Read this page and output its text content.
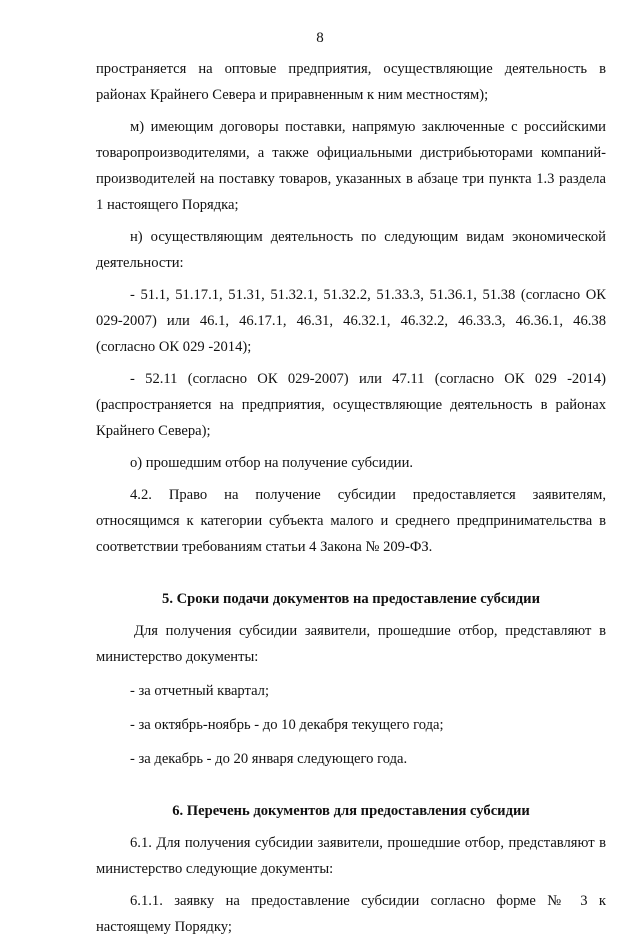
8

пространяется на оптовые предприятия, осуществляющие деятельность в районах Крайнего Севера и приравненным к ним местностям);

м) имеющим договоры поставки, напрямую заключенные с российскими товаропроизводителями, а также официальными дистрибьюторами компаний-производителей на поставку товаров, указанных в абзаце три пункта 1.3 раздела 1 настоящего Порядка;

н) осуществляющим деятельность по следующим видам экономической деятельности:

- 51.1, 51.17.1, 51.31, 51.32.1, 51.32.2, 51.33.3, 51.36.1, 51.38 (согласно ОК 029-2007) или 46.1, 46.17.1, 46.31, 46.32.1, 46.32.2, 46.33.3, 46.36.1, 46.38 (согласно ОК 029 -2014);

- 52.11 (согласно ОК 029-2007) или 47.11 (согласно ОК 029 -2014) (распространяется на предприятия, осуществляющие деятельность в районах Крайнего Севера);

о) прошедшим отбор на получение субсидии.

4.2. Право на получение субсидии предоставляется заявителям, относящимся к категории субъекта малого и среднего предпринимательства в соответствии требованиям статьи 4 Закона № 209-ФЗ.

5. Сроки подачи документов на предоставление субсидии

Для получения субсидии заявители, прошедшие отбор, представляют в министерство документы:

- за отчетный квартал;

- за октябрь-ноябрь - до 10 декабря текущего года;

- за декабрь - до 20 января следующего года.

6. Перечень документов для предоставления субсидии

6.1. Для получения субсидии заявители, прошедшие отбор, представляют в министерство следующие документы:

6.1.1. заявку на предоставление субсидии согласно форме № 3 к настоящему Порядку;
